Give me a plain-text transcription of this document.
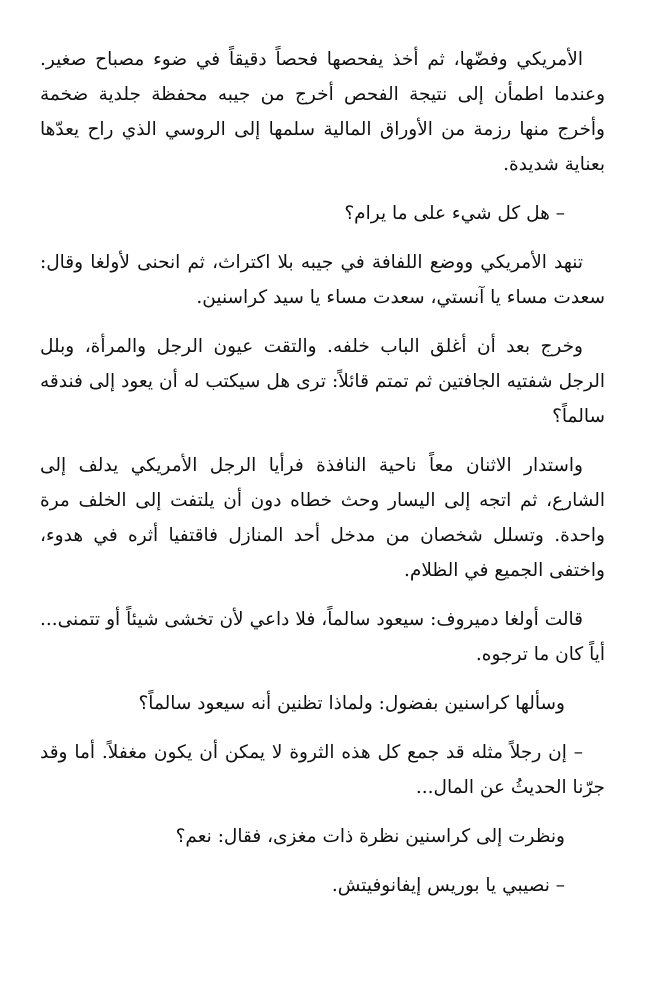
الأمريكي وفضّها، ثم أخذ يفحصها فحصاً دقيقاً في ضوء مصباح صغير. وعندما اطمأن إلى نتيجة الفحص أخرج من جيبه محفظة جلدية ضخمة وأخرج منها رزمة من الأوراق المالية سلمها إلى الروسي الذي راح يعدّها بعناية شديدة.

– هل كل شيء على ما يرام؟

تنهد الأمريكي ووضع اللفافة في جيبه بلا اكتراث، ثم انحنى لأولغا وقال: سعدت مساء يا آنستي، سعدت مساء يا سيد كراسنين.

وخرج بعد أن أغلق الباب خلفه. والتقت عيون الرجل والمرأة، وبلل الرجل شفتيه الجافتين ثم تمتم قائلاً: ترى هل سيكتب له أن يعود إلى فندقه سالماً؟

واستدار الاثنان معاً ناحية النافذة فرأيا الرجل الأمريكي يدلف إلى الشارع، ثم اتجه إلى اليسار وحث خطاه دون أن يلتفت إلى الخلف مرة واحدة. وتسلل شخصان من مدخل أحد المنازل فاقتفيا أثره في هدوء، واختفى الجميع في الظلام.

قالت أولغا دميروف: سيعود سالماً، فلا داعي لأن تخشى شيئاً أو تتمنى... أياً كان ما ترجوه.

وسألها كراسنين بفضول: ولماذا تظنين أنه سيعود سالماً؟

– إن رجلاً مثله قد جمع كل هذه الثروة لا يمكن أن يكون مغفلاً. أما وقد جرّنا الحديثُ عن المال...

ونظرت إلى كراسنين نظرة ذات مغزى، فقال: نعم؟

– نصيبي يا بوريس إيفانوفيتش.
